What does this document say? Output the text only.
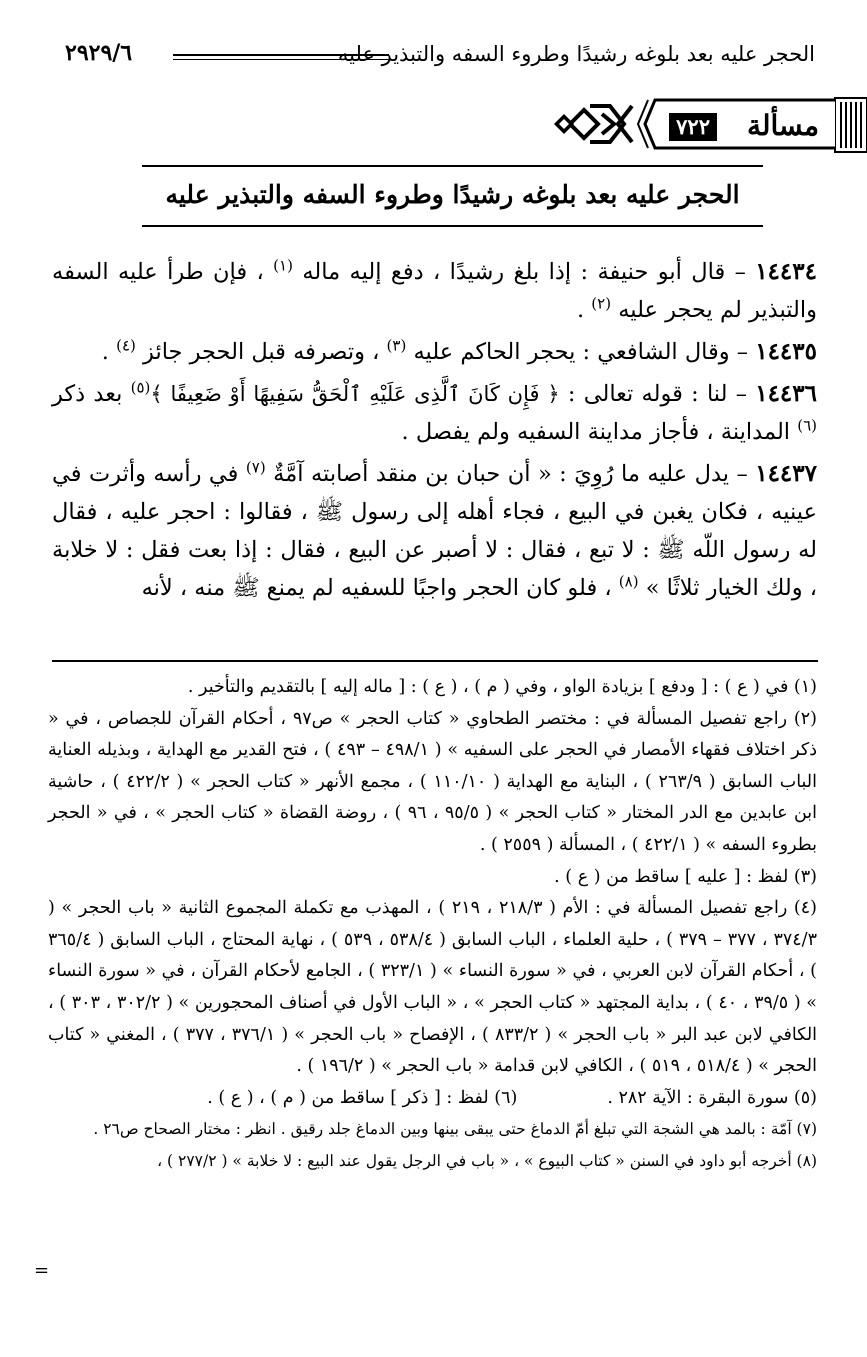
الحجر عليه بعد بلوغه رشيدًا وطروء السفه والتبذير عليه
٢٩٢٩/٦
مسألة
٧٢٢
الحجر عليه بعد بلوغه رشيدًا وطروء السفه والتبذير عليه

١٤٤٣٤ – قال أبو حنيفة : إذا بلغ رشيدًا ، دفع إليه ماله $^{(١)}$ ، فإن طرأ عليه السفه والتبذير لم يحجر عليه $^{(٢)}$ .

١٤٤٣٥ – وقال الشافعي : يحجر الحاكم عليه $^{(٣)}$ ، وتصرفه قبل الحجر جائز $^{(٤)}$ .

١٤٤٣٦ – لنا : قوله تعالى : ﴿ فَإِن كَانَ ٱلَّذِى عَلَيْهِ ٱلْحَقُّ سَفِيهًا أَوْ ضَعِيفًا ﴾$^{(٥)}$ بعد ذكر $^{(٦)}$ المداينة ، فأجاز مداينة السفيه ولم يفصل .

١٤٤٣٧ – يدل عليه ما رُوِيَ : « أن حبان بن منقد أصابته آمَّةٌ $^{(٧)}$ في رأسه وأثرت في عينيه ، فكان يغبن في البيع ، فجاء أهله إلى رسول ﷺ ، فقالوا : احجر عليه ، فقال له رسول اللّه ﷺ : لا تبع ، فقال : لا أصبر عن البيع ، فقال : إذا بعت فقل : لا خلابة ، ولك الخيار ثلاثًا » $^{(٨)}$ ، فلو كان الحجر واجبًا للسفيه لم يمنع ﷺ منه ، لأنه

(١) في ( ع ) : [ ودفع ] بزيادة الواو ، وفي ( م ) ، ( ع ) : [ ماله إليه ] بالتقديم والتأخير .

(٢) راجع تفصيل المسألة في : مختصر الطحاوي « كتاب الحجر » ص٩٧ ، أحكام القرآن للجصاص ، في « ذكر اختلاف فقهاء الأمصار في الحجر على السفيه » ( ٤٩٨/١ – ٤٩٣ ) ، فتح القدير مع الهداية ، وبذيله العناية الباب السابق ( ٢٦٣/٩ ) ، البناية مع الهداية ( ١١٠/١٠ ) ، مجمع الأنهر « كتاب الحجر » ( ٤٢٢/٢ ) ، حاشية ابن عابدين مع الدر المختار « كتاب الحجر » ( ٩٥/٥ ، ٩٦ ) ، روضة القضاة « كتاب الحجر » ، في « الحجر بطروء السفه » ( ٤٢٢/١ ) ، المسألة ( ٢٥٥٩ ) .

(٣) لفظ : [ عليه ] ساقط من ( ع ) .

(٤) راجع تفصيل المسألة في : الأم ( ٢١٨/٣ ، ٢١٩ ) ، المهذب مع تكملة المجموع الثانية « باب الحجر » ( ٣٧٤/٣ ، ٣٧٧ – ٣٧٩ ) ، حلية العلماء ، الباب السابق ( ٥٣٨/٤ ، ٥٣٩ ) ، نهاية المحتاج ، الباب السابق ( ٣٦٥/٤ ) ، أحكام القرآن لابن العربي ، في « سورة النساء » ( ٣٢٣/١ ) ، الجامع لأحكام القرآن ، في « سورة النساء » ( ٣٩/٥ ، ٤٠ ) ، بداية المجتهد « كتاب الحجر » ، « الباب الأول في أصناف المحجورين » ( ٣٠٢/٢ ، ٣٠٣ ) ، الكافي لابن عبد البر « باب الحجر » ( ٨٣٣/٢ ) ، الإفصاح « باب الحجر » ( ٣٧٦/١ ، ٣٧٧ ) ، المغني « كتاب الحجر » ( ٥١٨/٤ ، ٥١٩ ) ، الكافي لابن قدامة « باب الحجر » ( ١٩٦/٢ ) .

(٥) سورة البقرة : الآية ٢٨٢ .

(٦) لفظ : [ ذكر ] ساقط من ( م ) ، ( ع ) .

(٧) آمّة : بالمد هي الشجة التي تبلغ أمّ الدماغ حتى يبقى بينها وبين الدماغ جلد رقيق . انظر : مختار الصحاح ص٢٦ .

(٨) أخرجه أبو داود في السنن « كتاب البيوع » ، « باب في الرجل يقول عند البيع : لا خلابة » ( ٢٧٧/٢ ) ،

=
